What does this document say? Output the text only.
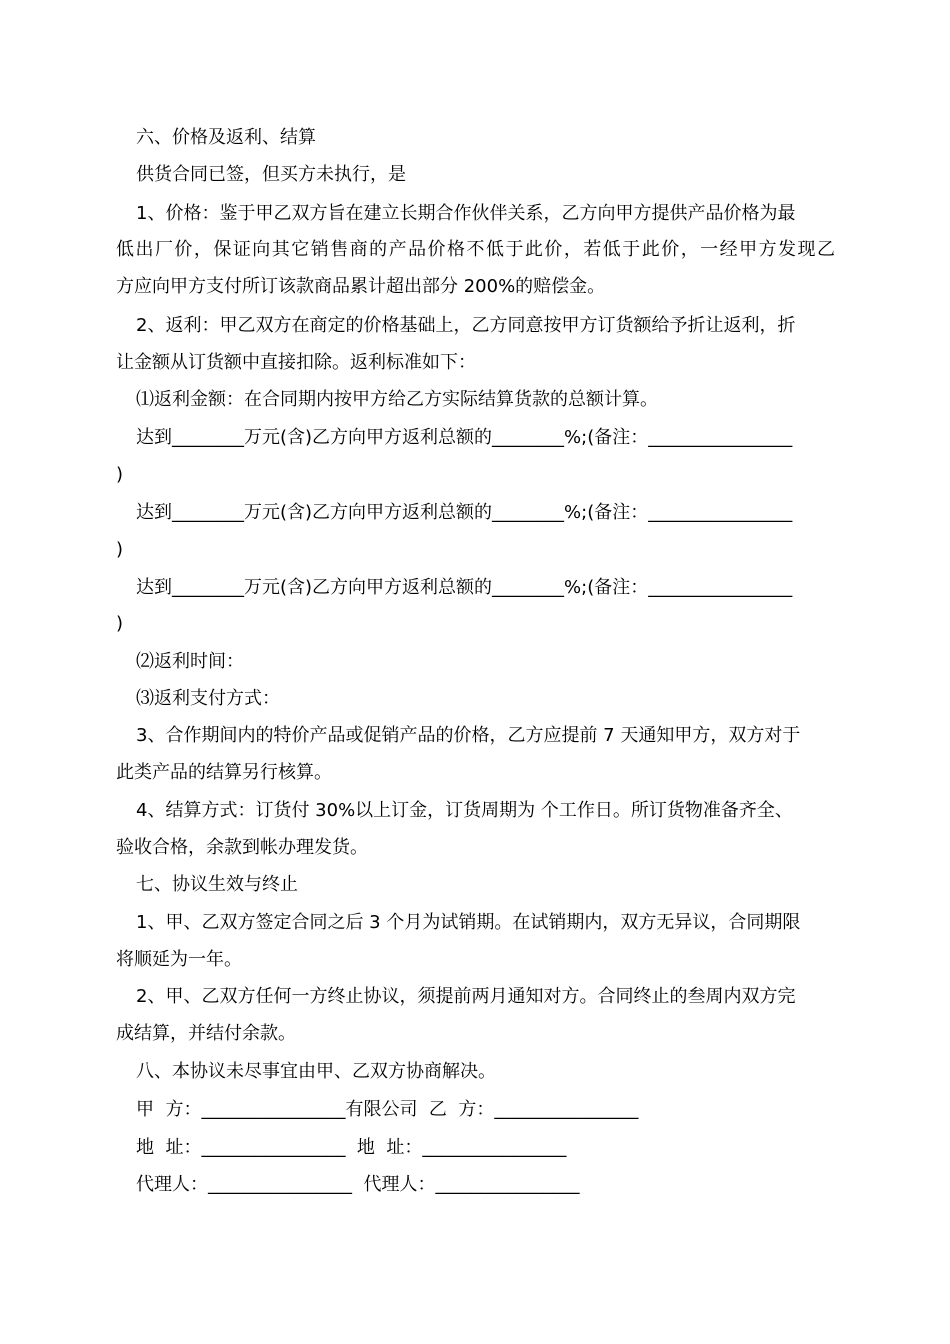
六、价格及返利、结算
供货合同已签，但买方未执行，是
1、价格：鉴于甲乙双方旨在建立长期合作伙伴关系，乙方向甲方提供产品价格为最
低出厂价，保证向其它销售商的产品价格不低于此价，若低于此价，一经甲方发现乙
方应向甲方支付所订该款商品累计超出部分 200%的赔偿金。
2、返利：甲乙双方在商定的价格基础上，乙方同意按甲方订货额给予折让返利，折
让金额从订货额中直接扣除。返利标准如下：
⑴返利金额：在合同期内按甲方给乙方实际结算货款的总额计算。
达到________万元(含)乙方向甲方返利总额的________%;(备注：________________
)
达到________万元(含)乙方向甲方返利总额的________%;(备注：________________
)
达到________万元(含)乙方向甲方返利总额的________%;(备注：________________
)
⑵返利时间：
⑶返利支付方式：
3、合作期间内的特价产品或促销产品的价格，乙方应提前 7 天通知甲方，双方对于
此类产品的结算另行核算。
4、结算方式：订货付 30%以上订金，订货周期为 个工作日。所订货物准备齐全、
验收合格，余款到帐办理发货。
七、协议生效与终止
1、甲、乙双方签定合同之后 3 个月为试销期。在试销期内，双方无异议，合同期限
将顺延为一年。
2、甲、乙双方任何一方终止协议，须提前两月通知对方。合同终止的叁周内双方完
成结算，并结付余款。
八、本协议未尽事宜由甲、乙双方协商解决。
甲  方：________________有限公司  乙  方：________________
地  址：________________  地  址：________________
代理人：________________  代理人：________________
